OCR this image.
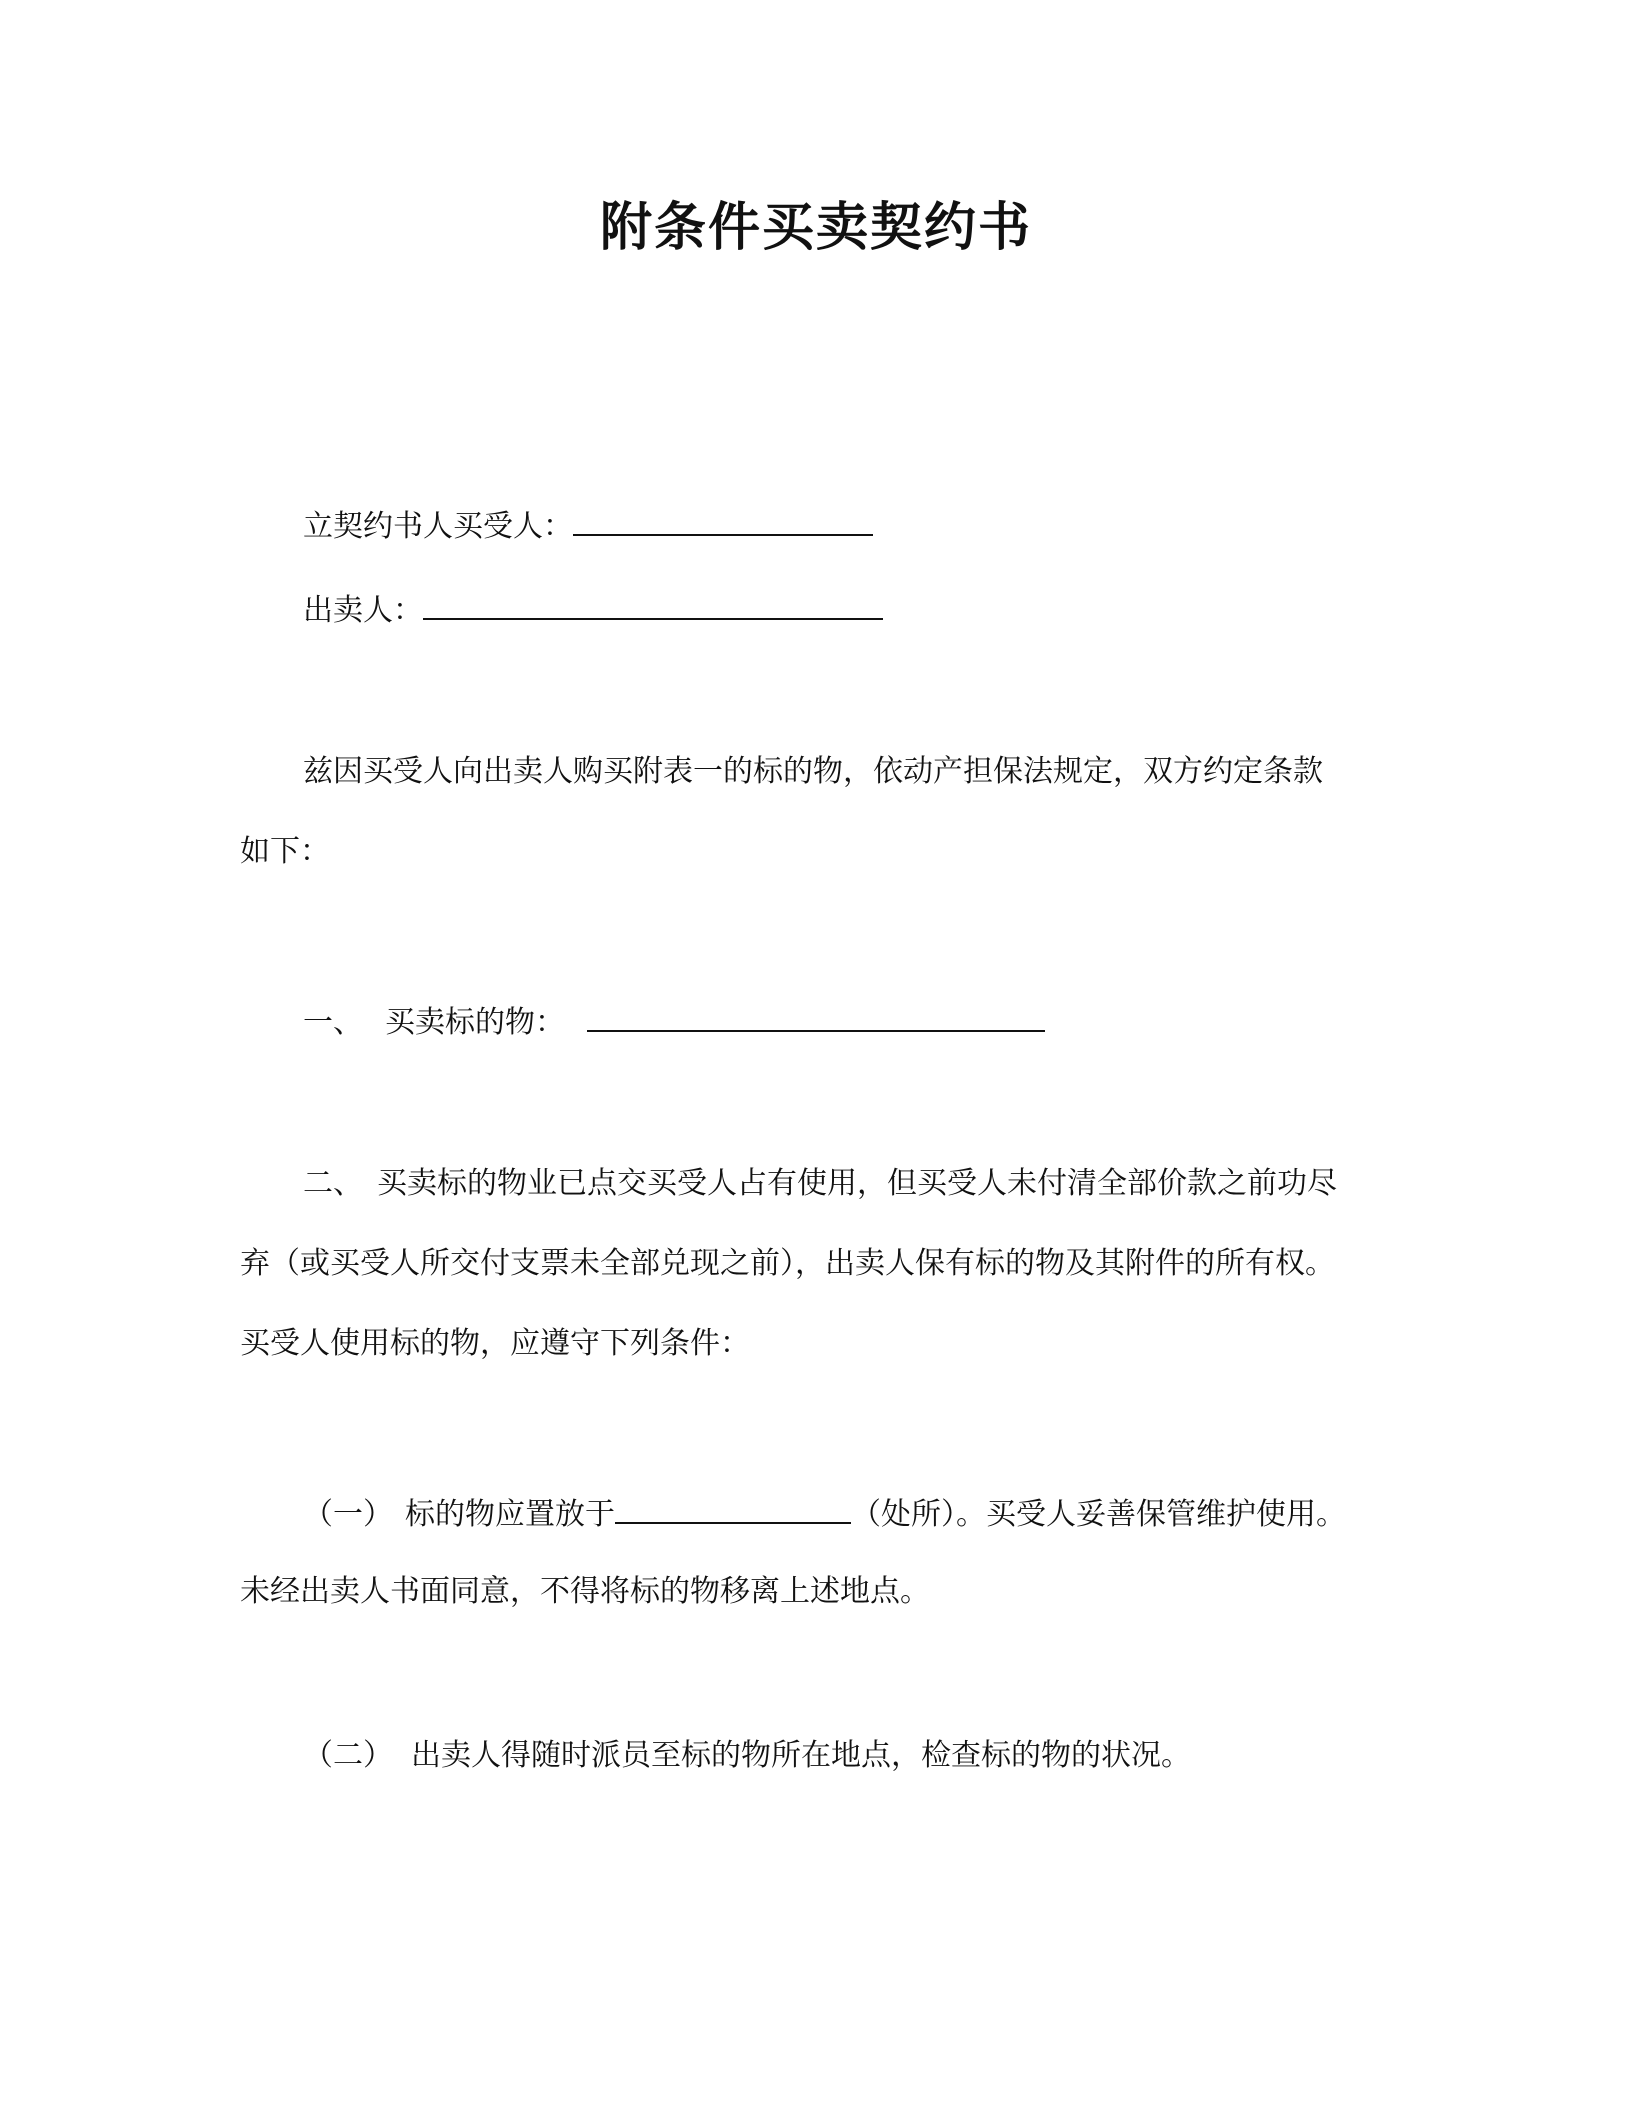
附条件买卖契约书
立契约书人买受人：
出卖人：
兹因买受人向出卖人购买附表一的标的物，依动产担保法规定，双方约定条款
如下：
一、 买卖标的物：
二、 买卖标的物业已点交买受人占有使用，但买受人未付清全部价款之前功尽
弃（或买受人所交付支票未全部兑现之前），出卖人保有标的物及其附件的所有权。
买受人使用标的物，应遵守下列条件：
（一） 标的物应置放于	（处所）。买受人妥善保管维护使用。
未经出卖人书面同意，不得将标的物移离上述地点。
（二） 出卖人得随时派员至标的物所在地点，检查标的物的状况。
